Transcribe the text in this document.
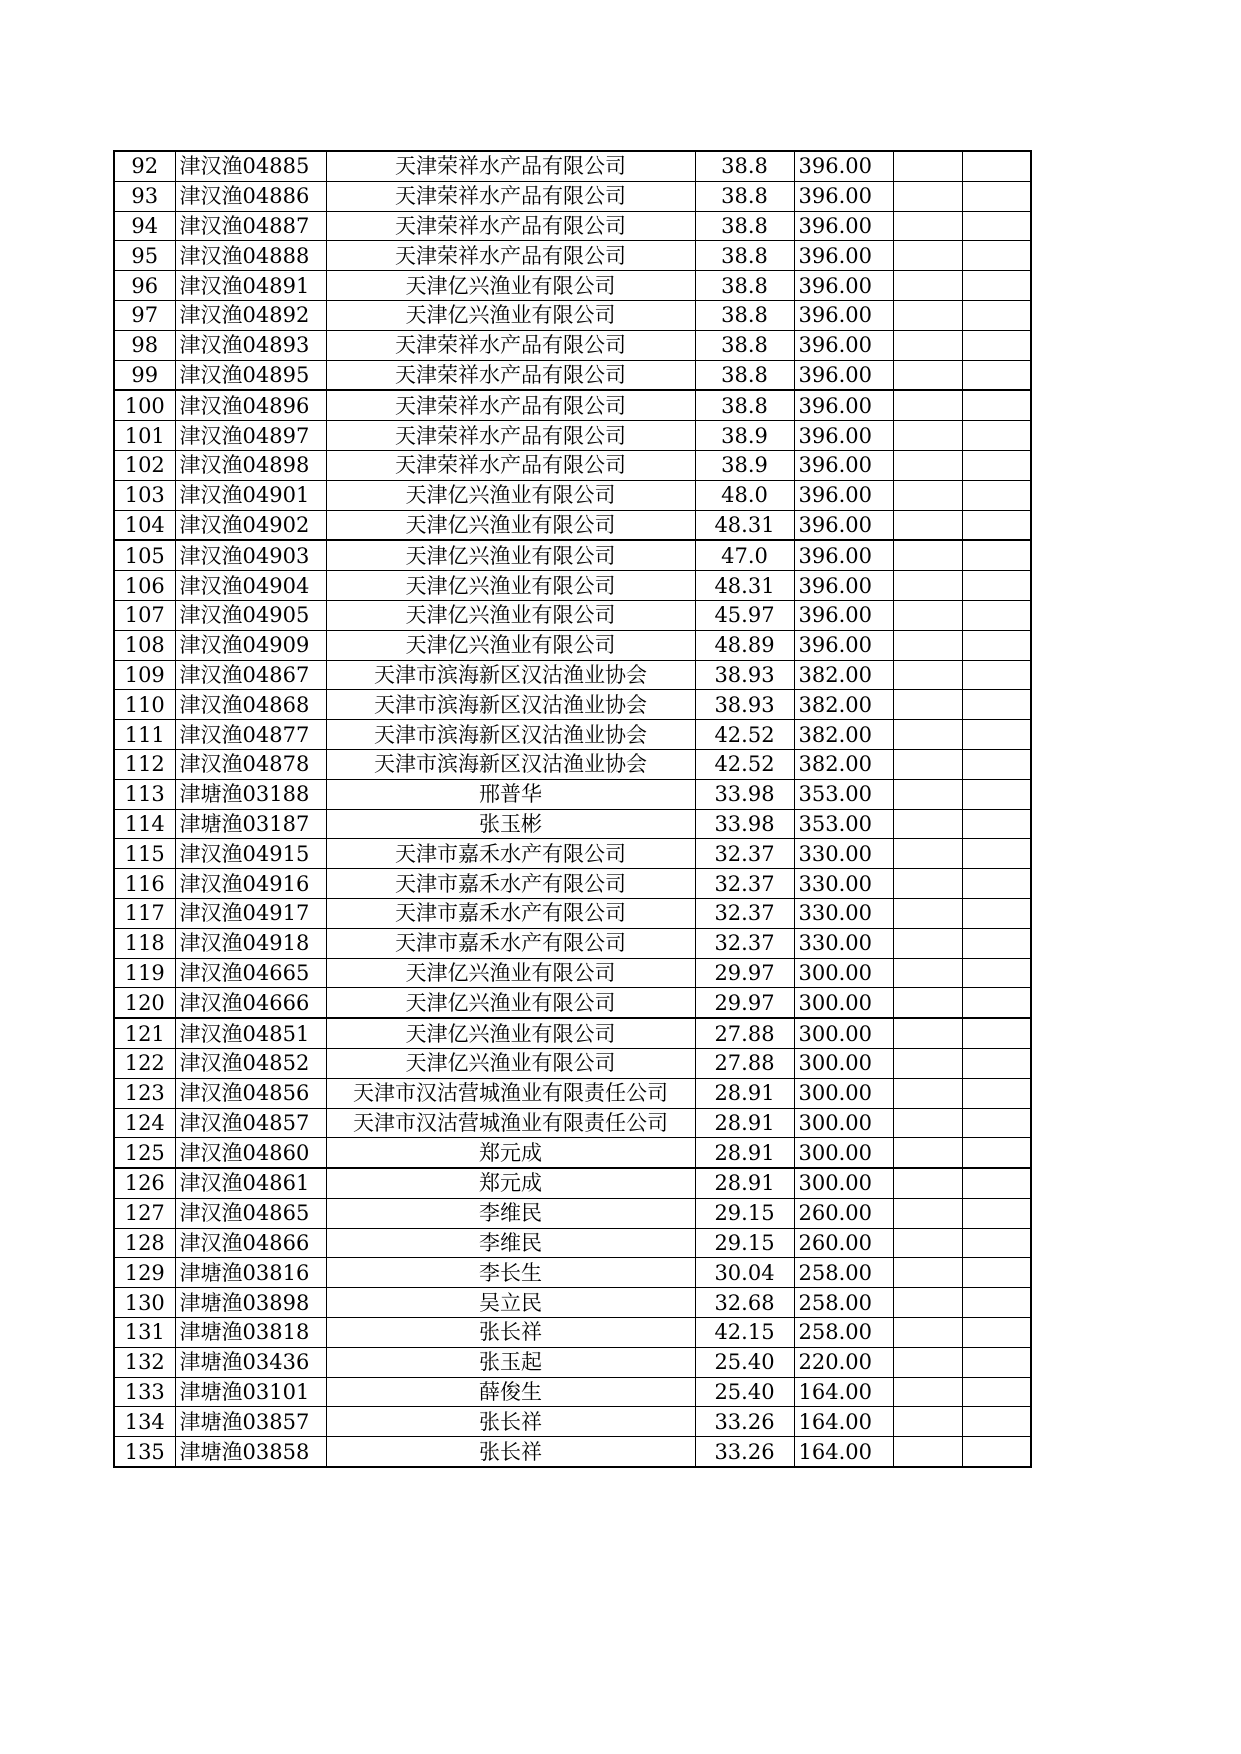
92	津汉渔04885	天津荣祥水产品有限公司	38.8	396.00		
93	津汉渔04886	天津荣祥水产品有限公司	38.8	396.00		
94	津汉渔04887	天津荣祥水产品有限公司	38.8	396.00		
95	津汉渔04888	天津荣祥水产品有限公司	38.8	396.00		
96	津汉渔04891	天津亿兴渔业有限公司	38.8	396.00		
97	津汉渔04892	天津亿兴渔业有限公司	38.8	396.00		
98	津汉渔04893	天津荣祥水产品有限公司	38.8	396.00		
99	津汉渔04895	天津荣祥水产品有限公司	38.8	396.00		
100	津汉渔04896	天津荣祥水产品有限公司	38.8	396.00		
101	津汉渔04897	天津荣祥水产品有限公司	38.9	396.00		
102	津汉渔04898	天津荣祥水产品有限公司	38.9	396.00		
103	津汉渔04901	天津亿兴渔业有限公司	48.0	396.00		
104	津汉渔04902	天津亿兴渔业有限公司	48.31	396.00		
105	津汉渔04903	天津亿兴渔业有限公司	47.0	396.00		
106	津汉渔04904	天津亿兴渔业有限公司	48.31	396.00		
107	津汉渔04905	天津亿兴渔业有限公司	45.97	396.00		
108	津汉渔04909	天津亿兴渔业有限公司	48.89	396.00		
109	津汉渔04867	天津市滨海新区汉沽渔业协会	38.93	382.00		
110	津汉渔04868	天津市滨海新区汉沽渔业协会	38.93	382.00		
111	津汉渔04877	天津市滨海新区汉沽渔业协会	42.52	382.00		
112	津汉渔04878	天津市滨海新区汉沽渔业协会	42.52	382.00		
113	津塘渔03188	邢普华	33.98	353.00		
114	津塘渔03187	张玉彬	33.98	353.00		
115	津汉渔04915	天津市嘉禾水产有限公司	32.37	330.00		
116	津汉渔04916	天津市嘉禾水产有限公司	32.37	330.00		
117	津汉渔04917	天津市嘉禾水产有限公司	32.37	330.00		
118	津汉渔04918	天津市嘉禾水产有限公司	32.37	330.00		
119	津汉渔04665	天津亿兴渔业有限公司	29.97	300.00		
120	津汉渔04666	天津亿兴渔业有限公司	29.97	300.00		
121	津汉渔04851	天津亿兴渔业有限公司	27.88	300.00		
122	津汉渔04852	天津亿兴渔业有限公司	27.88	300.00		
123	津汉渔04856	天津市汉沽营城渔业有限责任公司	28.91	300.00		
124	津汉渔04857	天津市汉沽营城渔业有限责任公司	28.91	300.00		
125	津汉渔04860	郑元成	28.91	300.00		
126	津汉渔04861	郑元成	28.91	300.00		
127	津汉渔04865	李维民	29.15	260.00		
128	津汉渔04866	李维民	29.15	260.00		
129	津塘渔03816	李长生	30.04	258.00		
130	津塘渔03898	吴立民	32.68	258.00		
131	津塘渔03818	张长祥	42.15	258.00		
132	津塘渔03436	张玉起	25.40	220.00		
133	津塘渔03101	薛俊生	25.40	164.00		
134	津塘渔03857	张长祥	33.26	164.00		
135	津塘渔03858	张长祥	33.26	164.00		
